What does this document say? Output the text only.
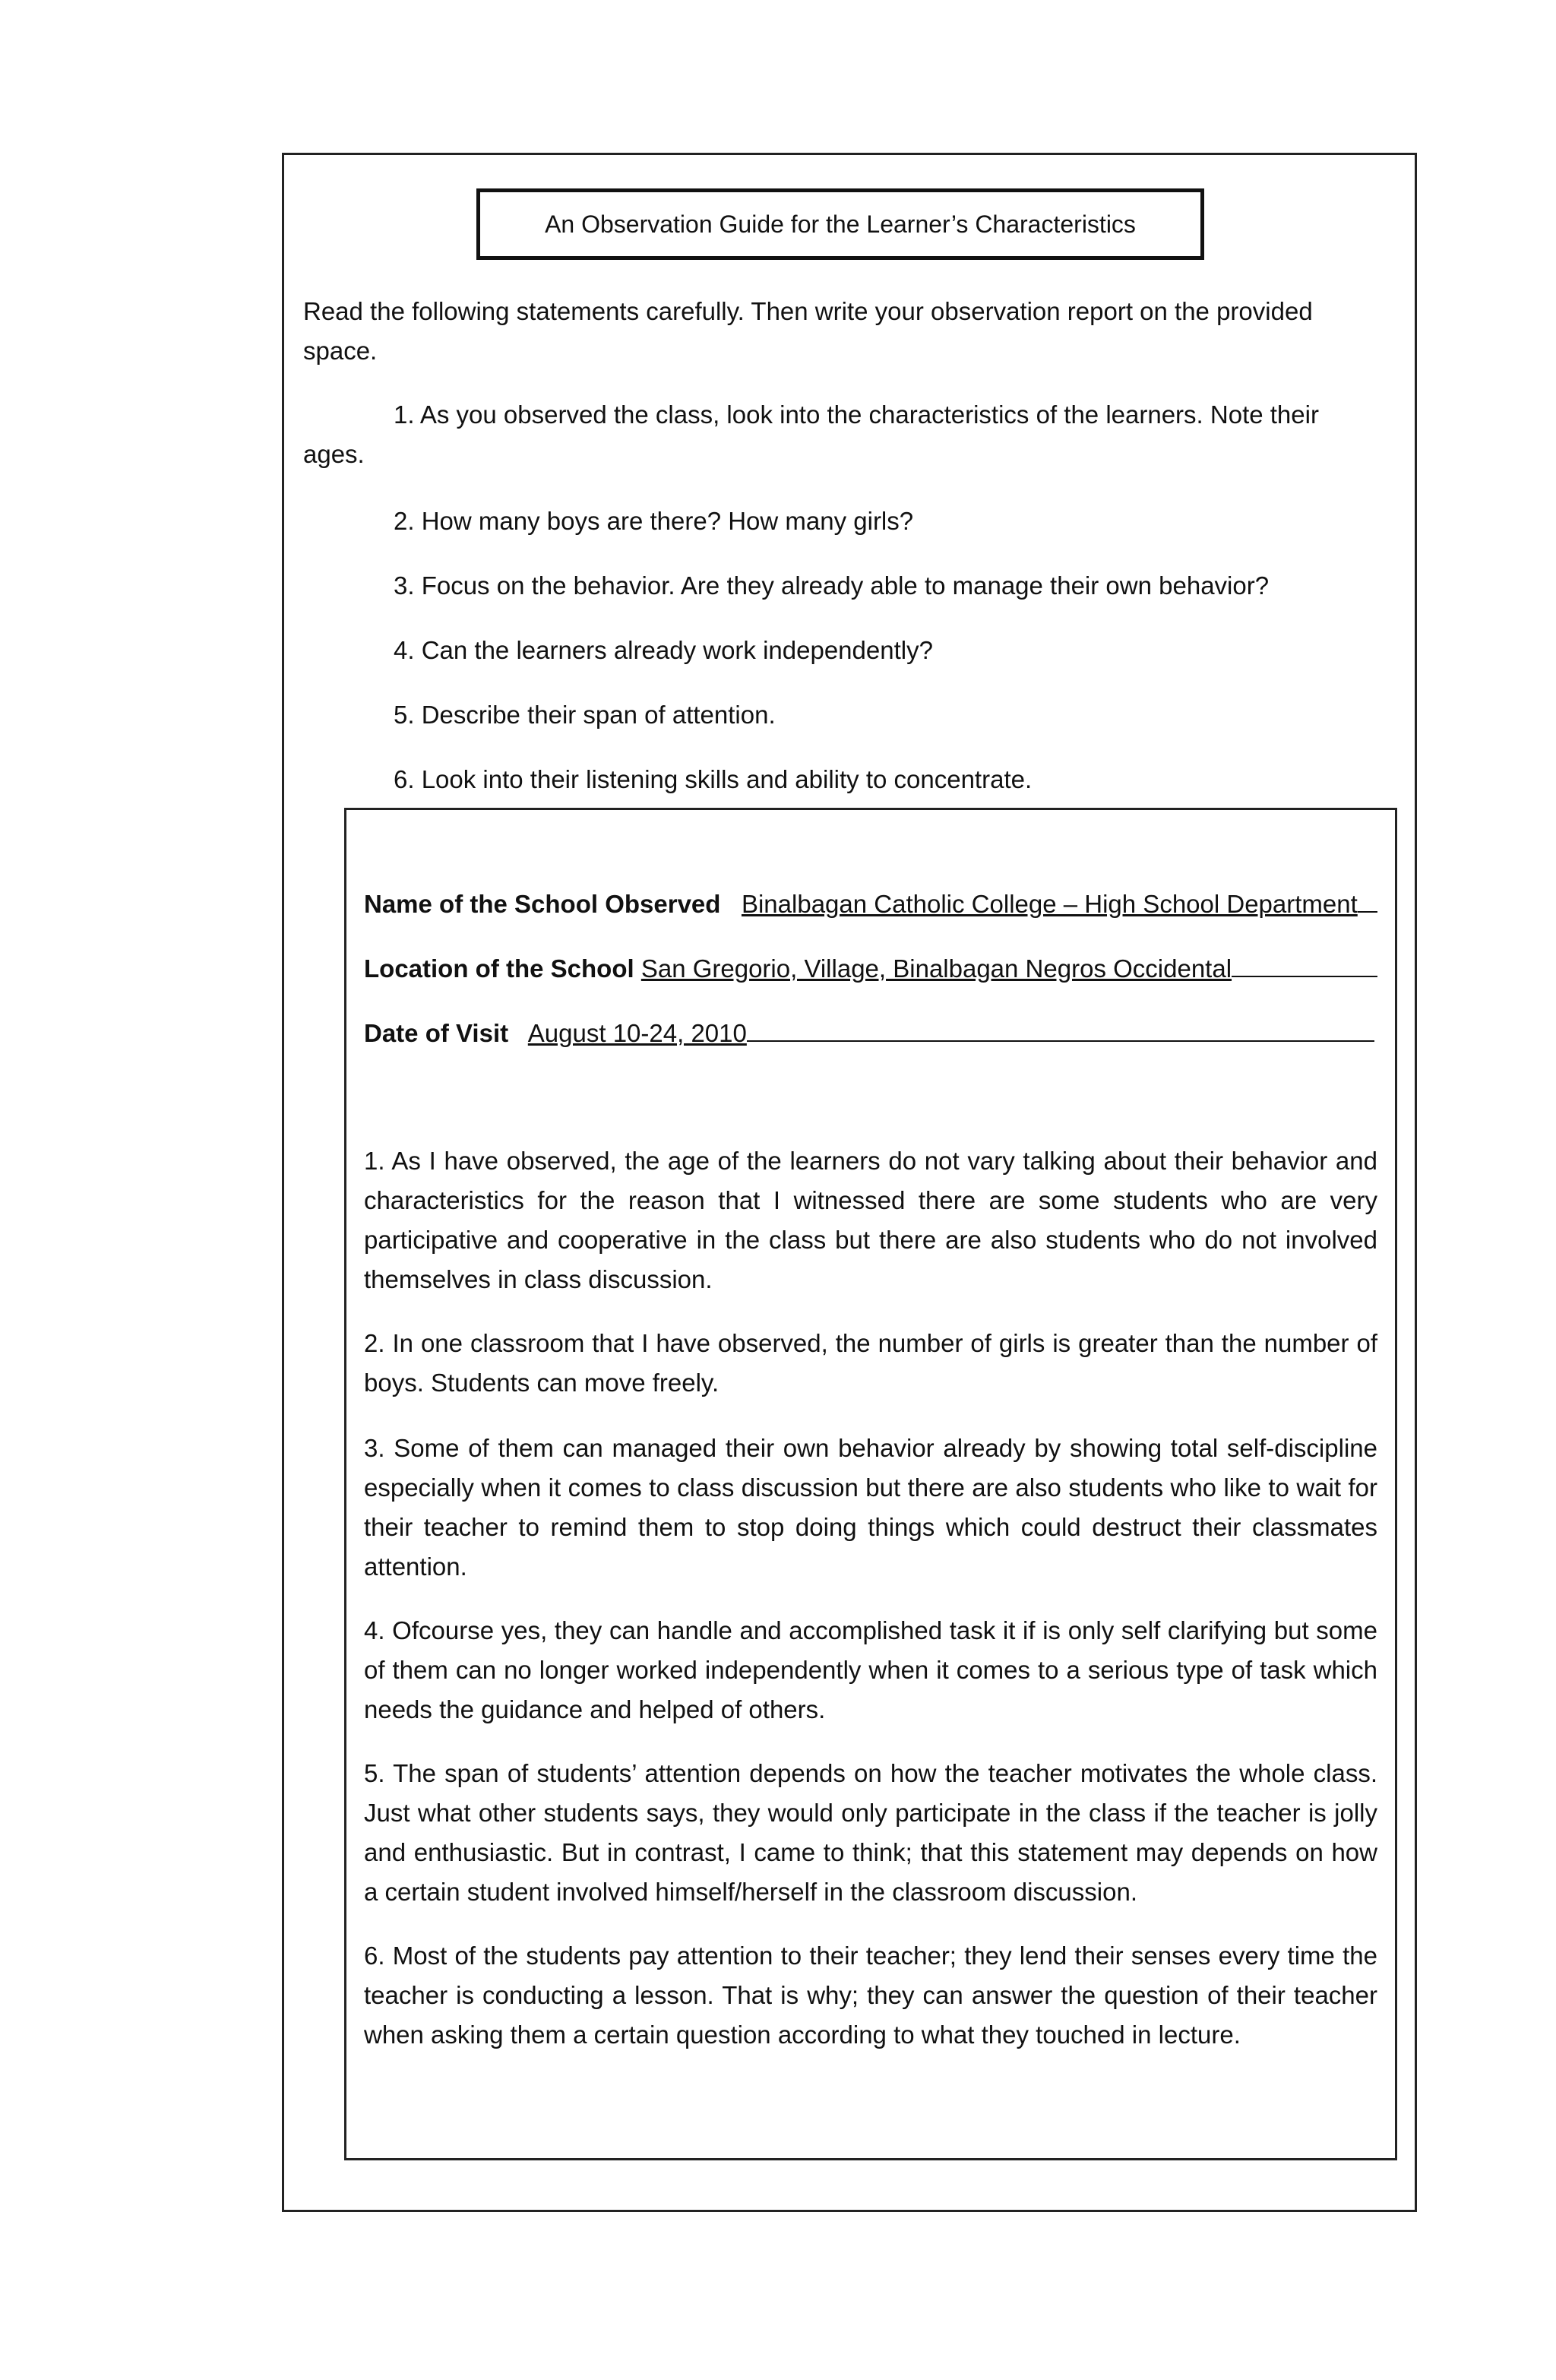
An Observation Guide for the Learner’s Characteristics

Read the following statements carefully. Then write your observation report on the provided space.

1. As you observed the class, look into the characteristics of the learners. Note their ages.

2. How many boys are there? How many girls?

3. Focus on the behavior. Are they already able to manage their own behavior?

4. Can the learners already work independently?

5. Describe their span of attention.

6. Look into their listening skills and ability to concentrate.

Name of the School Observed Binalbagan Catholic College – High School Department
Location of the School San Gregorio, Village, Binalbagan Negros Occidental
Date of Visit August 10-24, 2010

1. As I have observed, the age of the learners do not vary talking about their behavior and characteristics for the reason that I witnessed there are some students who are very participative and cooperative in the class but there are also students who do not involved themselves in class discussion.

2. In one classroom that I have observed, the number of girls is greater than the number of boys. Students can move freely.

3. Some of them can managed their own behavior already by showing total self-discipline especially when it comes to class discussion but there are also students who like to wait for their teacher to remind them to stop doing things which could destruct their classmates attention.

4. Ofcourse yes, they can handle and accomplished task it if is only self clarifying but some of them can no longer worked independently when it comes to a serious type of task which needs the guidance and helped of others.

5. The span of students’ attention depends on how the teacher motivates the whole class. Just what other students says, they would only participate in the class if the teacher is jolly and enthusiastic. But in contrast, I came to think; that this statement may depends on how a certain student involved himself/herself in the classroom discussion.

6. Most of the students pay attention to their teacher; they lend their senses every time the teacher is conducting a lesson. That is why; they can answer the question of their teacher when asking them a certain question according to what they touched in lecture.
